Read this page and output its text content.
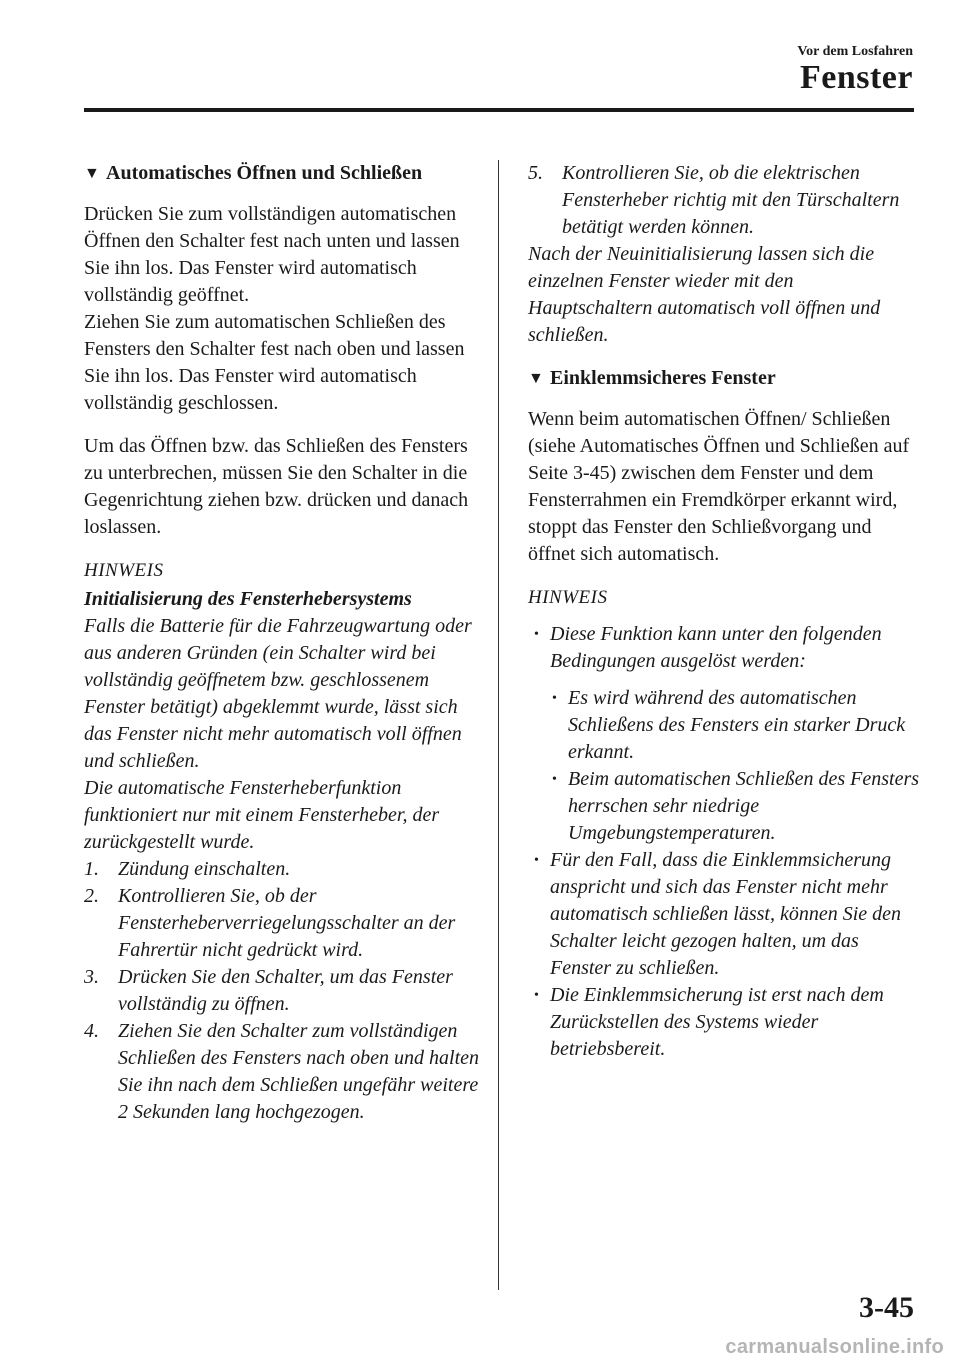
Vor dem Losfahren
Fenster
▼ Automatisches Öffnen und Schließen

Drücken Sie zum vollständigen automatischen Öffnen den Schalter fest nach unten und lassen Sie ihn los. Das Fenster wird automatisch vollständig geöffnet.

Ziehen Sie zum automatischen Schließen des Fensters den Schalter fest nach oben und lassen Sie ihn los. Das Fenster wird automatisch vollständig geschlossen.

Um das Öffnen bzw. das Schließen des Fensters zu unterbrechen, müssen Sie den Schalter in die Gegenrichtung ziehen bzw. drücken und danach loslassen.

HINWEIS
Initialisierung des Fensterhebersystems

Falls die Batterie für die Fahrzeugwartung oder aus anderen Gründen (ein Schalter wird bei vollständig geöffnetem bzw. geschlossenem Fenster betätigt) abgeklemmt wurde, lässt sich das Fenster nicht mehr automatisch voll öffnen und schließen.

Die automatische Fensterheberfunktion funktioniert nur mit einem Fensterheber, der zurückgestellt wurde.

1. Zündung einschalten.
2. Kontrollieren Sie, ob der Fensterheberverriegelungsschalter an der Fahrertür nicht gedrückt wird.
3. Drücken Sie den Schalter, um das Fenster vollständig zu öffnen.
4. Ziehen Sie den Schalter zum vollständigen Schließen des Fensters nach oben und halten Sie ihn nach dem Schließen ungefähr weitere 2 Sekunden lang hochgezogen.
5. Kontrollieren Sie, ob die elektrischen Fensterheber richtig mit den Türschaltern betätigt werden können.

Nach der Neuinitialisierung lassen sich die einzelnen Fenster wieder mit den Hauptschaltern automatisch voll öffnen und schließen.

▼ Einklemmsicheres Fenster

Wenn beim automatischen Öffnen/ Schließen (siehe Automatisches Öffnen und Schließen auf Seite 3-45) zwischen dem Fenster und dem Fensterrahmen ein Fremdkörper erkannt wird, stoppt das Fenster den Schließvorgang und öffnet sich automatisch.

HINWEIS
• Diese Funktion kann unter den folgenden Bedingungen ausgelöst werden:
• Es wird während des automatischen Schließens des Fensters ein starker Druck erkannt.
• Beim automatischen Schließen des Fensters herrschen sehr niedrige Umgebungstemperaturen.
• Für den Fall, dass die Einklemmsicherung anspricht und sich das Fenster nicht mehr automatisch schließen lässt, können Sie den Schalter leicht gezogen halten, um das Fenster zu schließen.
• Die Einklemmsicherung ist erst nach dem Zurückstellen des Systems wieder betriebsbereit.
3-45
carmanualsonline.info
